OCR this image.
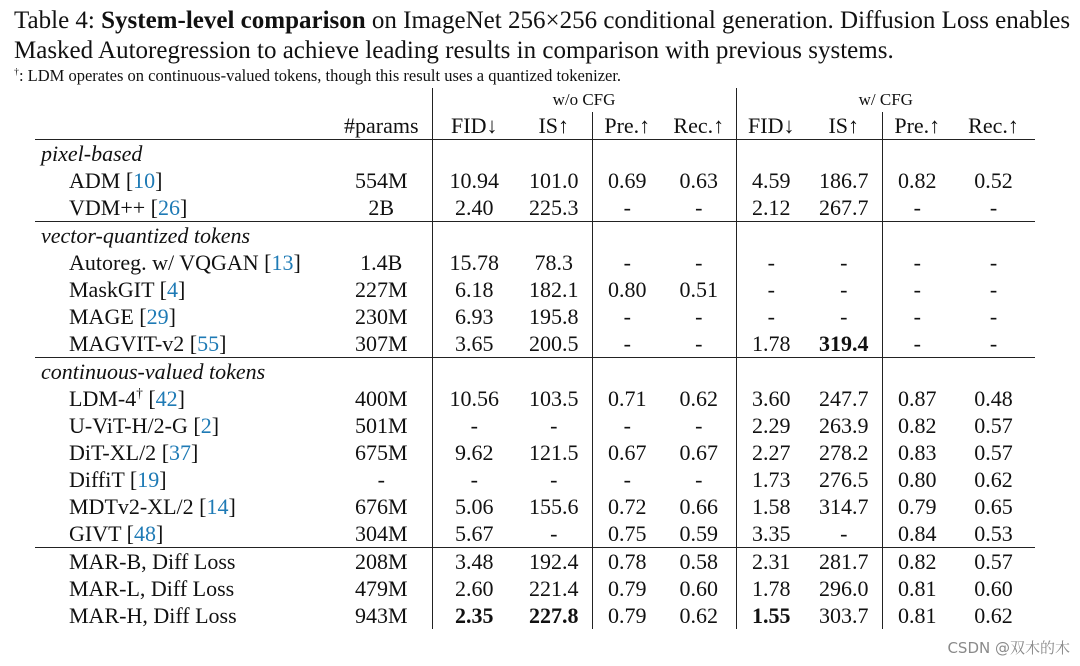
Table 4: System-level comparison on ImageNet 256×256 conditional generation. Diffusion Loss enables Masked Autoregression to achieve leading results in comparison with previous systems.
†: LDM operates on continuous-valued tokens, though this result uses a quantized tokenizer.
		w/o CFG				w/ CFG			
	#params	FID↓	IS↑	Pre.↑	Rec.↑	FID↓	IS↑	Pre.↑	Rec.↑
pixel-based									
ADM [10]	554M	10.94	101.0	0.69	0.63	4.59	186.7	0.82	0.52
VDM++ [26]	2B	2.40	225.3	-	-	2.12	267.7	-	-
vector-quantized tokens									
Autoreg. w/ VQGAN [13]	1.4B	15.78	78.3	-	-	-	-	-	-
MaskGIT [4]	227M	6.18	182.1	0.80	0.51	-	-	-	-
MAGE [29]	230M	6.93	195.8	-	-	-	-	-	-
MAGVIT-v2 [55]	307M	3.65	200.5	-	-	1.78	319.4	-	-
continuous-valued tokens									
LDM-4† [42]	400M	10.56	103.5	0.71	0.62	3.60	247.7	0.87	0.48
U-ViT-H/2-G [2]	501M	-	-	-	-	2.29	263.9	0.82	0.57
DiT-XL/2 [37]	675M	9.62	121.5	0.67	0.67	2.27	278.2	0.83	0.57
DiffiT [19]	-	-	-	-	-	1.73	276.5	0.80	0.62
MDTv2-XL/2 [14]	676M	5.06	155.6	0.72	0.66	1.58	314.7	0.79	0.65
GIVT [48]	304M	5.67	-	0.75	0.59	3.35	-	0.84	0.53
MAR-B, Diff Loss	208M	3.48	192.4	0.78	0.58	2.31	281.7	0.82	0.57
MAR-L, Diff Loss	479M	2.60	221.4	0.79	0.60	1.78	296.0	0.81	0.60
MAR-H, Diff Loss	943M	2.35	227.8	0.79	0.62	1.55	303.7	0.81	0.62
CSDN @双木的木
